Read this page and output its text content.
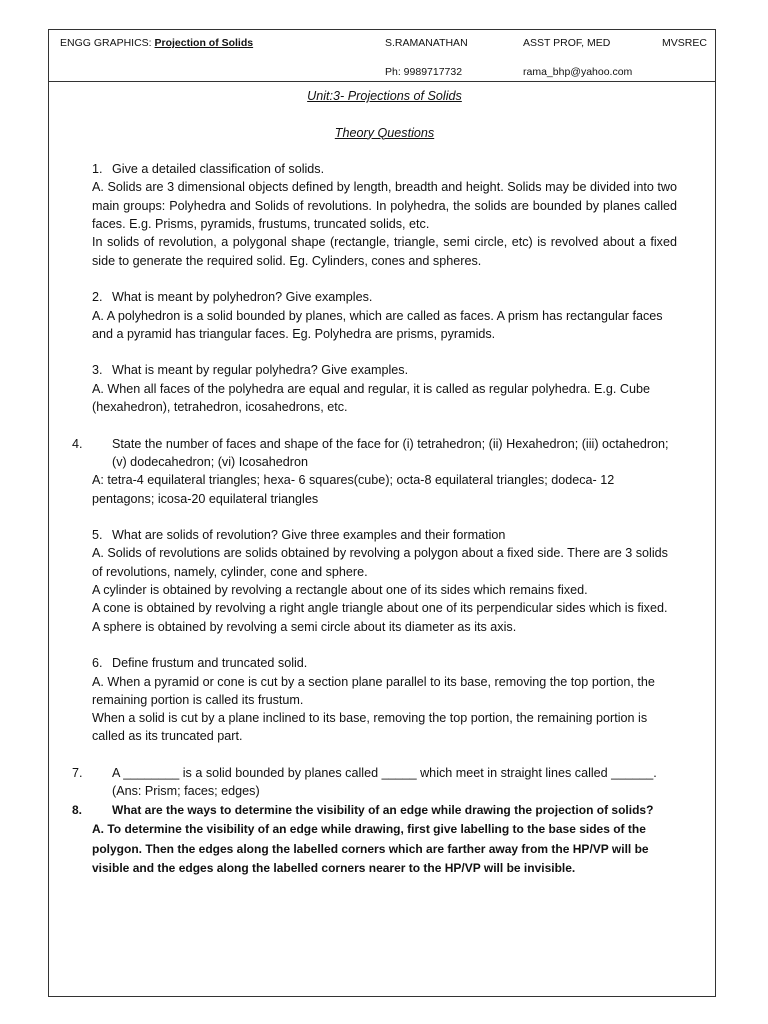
ENGG GRAPHICS: Projection of Solids	S.RAMANATHAN	ASST PROF, MED	MVSREC
Ph: 9989717732	rama_bhp@yahoo.com

Unit:3- Projections of Solids

Theory Questions

1. Give a detailed classification of solids.

A. Solids are 3 dimensional objects defined by length, breadth and height. Solids may be divided into two main groups: Polyhedra and Solids of revolutions. In polyhedra, the solids are bounded by planes called faces. E.g. Prisms, pyramids, frustums, truncated solids, etc.

In solids of revolution, a polygonal shape (rectangle, triangle, semi circle, etc) is revolved about a fixed side to generate the required solid. Eg. Cylinders, cones and spheres.

2. What is meant by polyhedron? Give examples.

A. A polyhedron is a solid bounded by planes, which are called as faces. A prism has rectangular faces and a pyramid has triangular faces. Eg. Polyhedra are prisms, pyramids.

3. What is meant by regular polyhedra? Give examples.

A. When all faces of the polyhedra are equal and regular, it is called as regular polyhedra. E.g. Cube (hexahedron), tetrahedron, icosahedrons, etc.

4. State the number of faces and shape of the face for (i) tetrahedron; (ii) Hexahedron; (iii) octahedron; (v) dodecahedron; (vi) Icosahedron

A: tetra-4 equilateral triangles; hexa- 6 squares(cube); octa-8 equilateral triangles; dodeca- 12 pentagons; icosa-20 equilateral triangles

5. What are solids of revolution? Give three examples and their formation

A. Solids of revolutions are solids obtained by revolving a polygon about a fixed side. There are 3 solids of revolutions, namely, cylinder, cone and sphere.

A cylinder is obtained by revolving a rectangle about one of its sides which remains fixed.

A cone is obtained by revolving a right angle triangle about one of its perpendicular sides which is fixed.

A sphere is obtained by revolving a semi circle about its diameter as its axis.

6. Define frustum and truncated solid.

A. When a pyramid or cone is cut by a section plane parallel to its base, removing the top portion, the remaining portion is called its frustum.

When a solid is cut by a plane inclined to its base, removing the top portion, the remaining portion is called as its truncated part.

7. A ________ is a solid bounded by planes called _____ which meet in straight lines called ______. (Ans: Prism; faces; edges)

8. What are the ways to determine the visibility of an edge while drawing the projection of solids?

A. To determine the visibility of an edge while drawing, first give labelling to the base sides of the polygon. Then the edges along the labelled corners which are farther away from the HP/VP will be visible and the edges along the labelled corners nearer to the HP/VP will be invisible.
